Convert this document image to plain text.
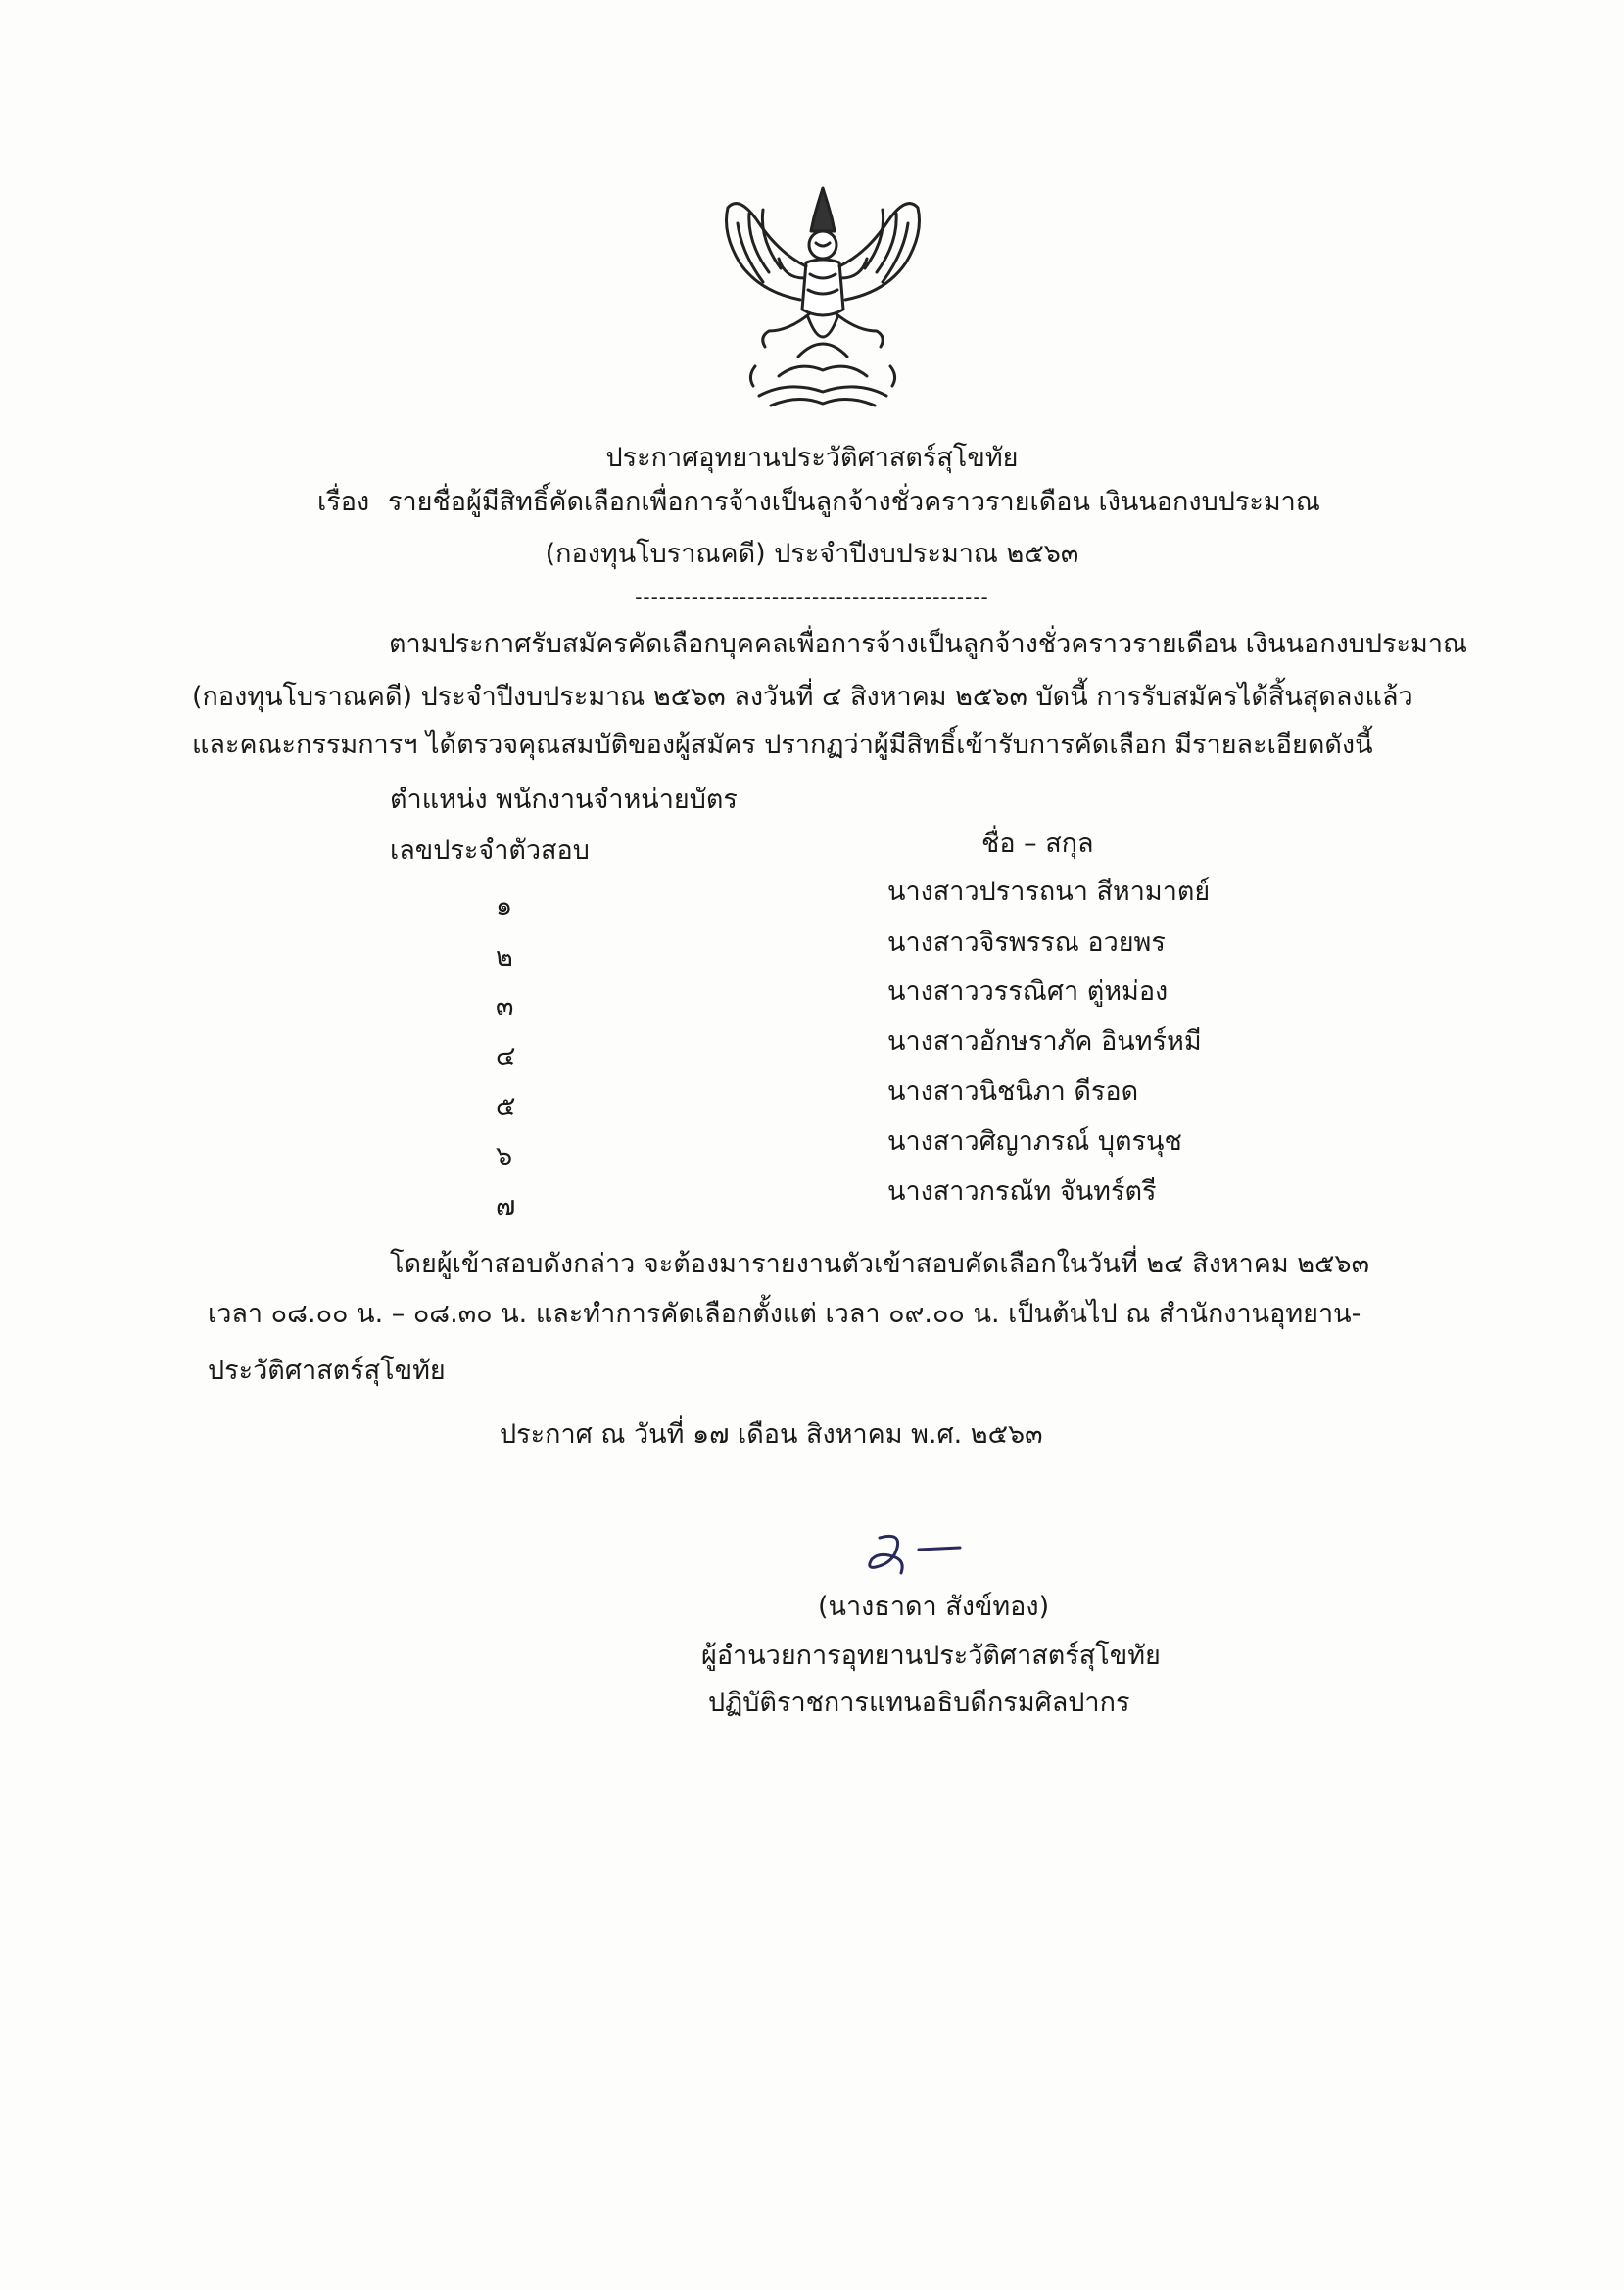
ประกาศอุทยานประวัติศาสตร์สุโขทัย
เรื่อง รายชื่อผู้มีสิทธิ์คัดเลือกเพื่อการจ้างเป็นลูกจ้างชั่วคราวรายเดือน เงินนอกงบประมาณ
(กองทุนโบราณคดี) ประจำปีงบประมาณ ๒๕๖๓
--------------------------------------------
ตามประกาศรับสมัครคัดเลือกบุคคลเพื่อการจ้างเป็นลูกจ้างชั่วคราวรายเดือน เงินนอกงบประมาณ
(กองทุนโบราณคดี) ประจำปีงบประมาณ ๒๕๖๓ ลงวันที่ ๔ สิงหาคม ๒๕๖๓ บัดนี้ การรับสมัครได้สิ้นสุดลงแล้ว
และคณะกรรมการฯ ได้ตรวจคุณสมบัติของผู้สมัคร ปรากฏว่าผู้มีสิทธิ์เข้ารับการคัดเลือก มีรายละเอียดดังนี้
ตำแหน่ง พนักงานจำหน่ายบัตร
เลขประจำตัวสอบ	ชื่อ – สกุล
๑	นางสาวปรารถนา สีหามาตย์
๒	นางสาวจิรพรรณ อวยพร
๓	นางสาววรรณิศา ตู่หม่อง
๔	นางสาวอักษราภัค อินทร์หมี
๕	นางสาวนิชนิภา ดีรอด
๖	นางสาวศิญาภรณ์ บุตรนุช
๗	นางสาวกรณัท จันทร์ตรี
โดยผู้เข้าสอบดังกล่าว จะต้องมารายงานตัวเข้าสอบคัดเลือกในวันที่ ๒๔ สิงหาคม ๒๕๖๓
เวลา ๐๘.๐๐ น. – ๐๘.๓๐ น. และทำการคัดเลือกตั้งแต่ เวลา ๐๙.๐๐ น. เป็นต้นไป ณ สำนักงานอุทยาน-
ประวัติศาสตร์สุโขทัย
ประกาศ ณ วันที่ ๑๗ เดือน สิงหาคม พ.ศ. ๒๕๖๓
(นางธาดา สังข์ทอง)
ผู้อำนวยการอุทยานประวัติศาสตร์สุโขทัย
ปฏิบัติราชการแทนอธิบดีกรมศิลปากร
